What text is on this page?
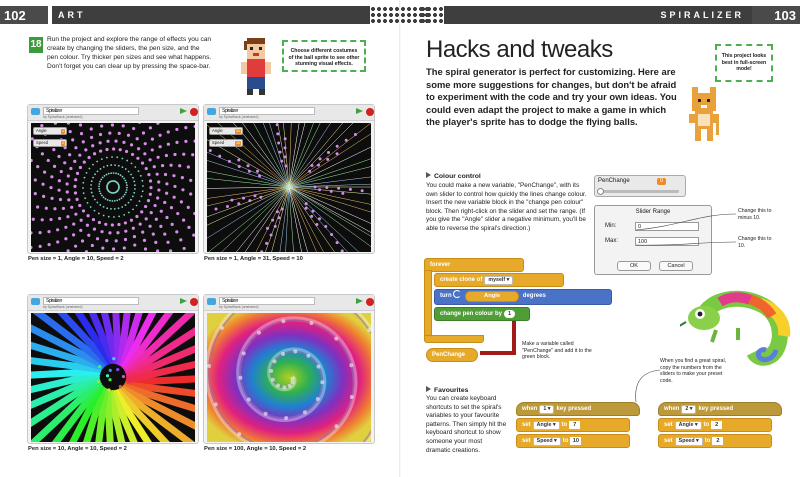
102	ART	SPIRALIZER	103
18 Run the project and explore the range of effects you can create by changing the sliders, the pen size, and the pen colour. Try thicker pen sizes and see what happens. Don't forget you can clear up by pressing the space-bar.
Choose different costumes of the ball sprite to see other stunning visual effects.
Spiralizer
by SpiralHack (unshared)
Angle	1
Speed	2
Pen size = 1, Angle = 10, Speed = 2
Spiralizer
by SpiralHack (unshared)
Angle	31
Speed	10
Pen size = 1, Angle = 31, Speed = 10
Spiralizer
by SpiralHack (unshared)
Pen size = 10, Angle = 10, Speed = 2
Spiralizer
by SpiralHack (unshared)
Pen size = 100, Angle = 10, Speed = 2
Hacks and tweaks
The spiral generator is perfect for customizing. Here are some more suggestions for changes, but don't be afraid to experiment with the code and try your own ideas. You could even adapt the project to make a game in which the player's sprite has to dodge the flying balls.
This project looks best in full-screen mode!
Colour control
You could make a new variable, "PenChange", with its own slider to control how quickly the lines change colour. Insert the new variable block in the "change pen colour" block. Then right-click on the slider and set the range. (If you give the "Angle" slider a negative minimum, you'll be able to reverse the spiral's direction.)
PenChange	0
Slider Range
Min:	0
Max:	100
OK	Cancel
Change this to minus 10.
Change this to 10.
forever
create clone of myself ▾
turn	Angle	degrees
change pen colour by 1
PenChange
Make a variable called "PenChange" and add it to the green block.
Favourites
You can create keyboard shortcuts to set the spiral's variables to your favourite patterns. Then simply hit the keyboard shortcut to show someone your most dramatic creations.
When you find a great spiral, copy the numbers from the sliders to make your preset code.
when 1 ▾ key pressed
set Angle ▾ to 7
set Speed ▾ to 10
when 2 ▾ key pressed
set Angle ▾ to 2
set Speed ▾ to 2
